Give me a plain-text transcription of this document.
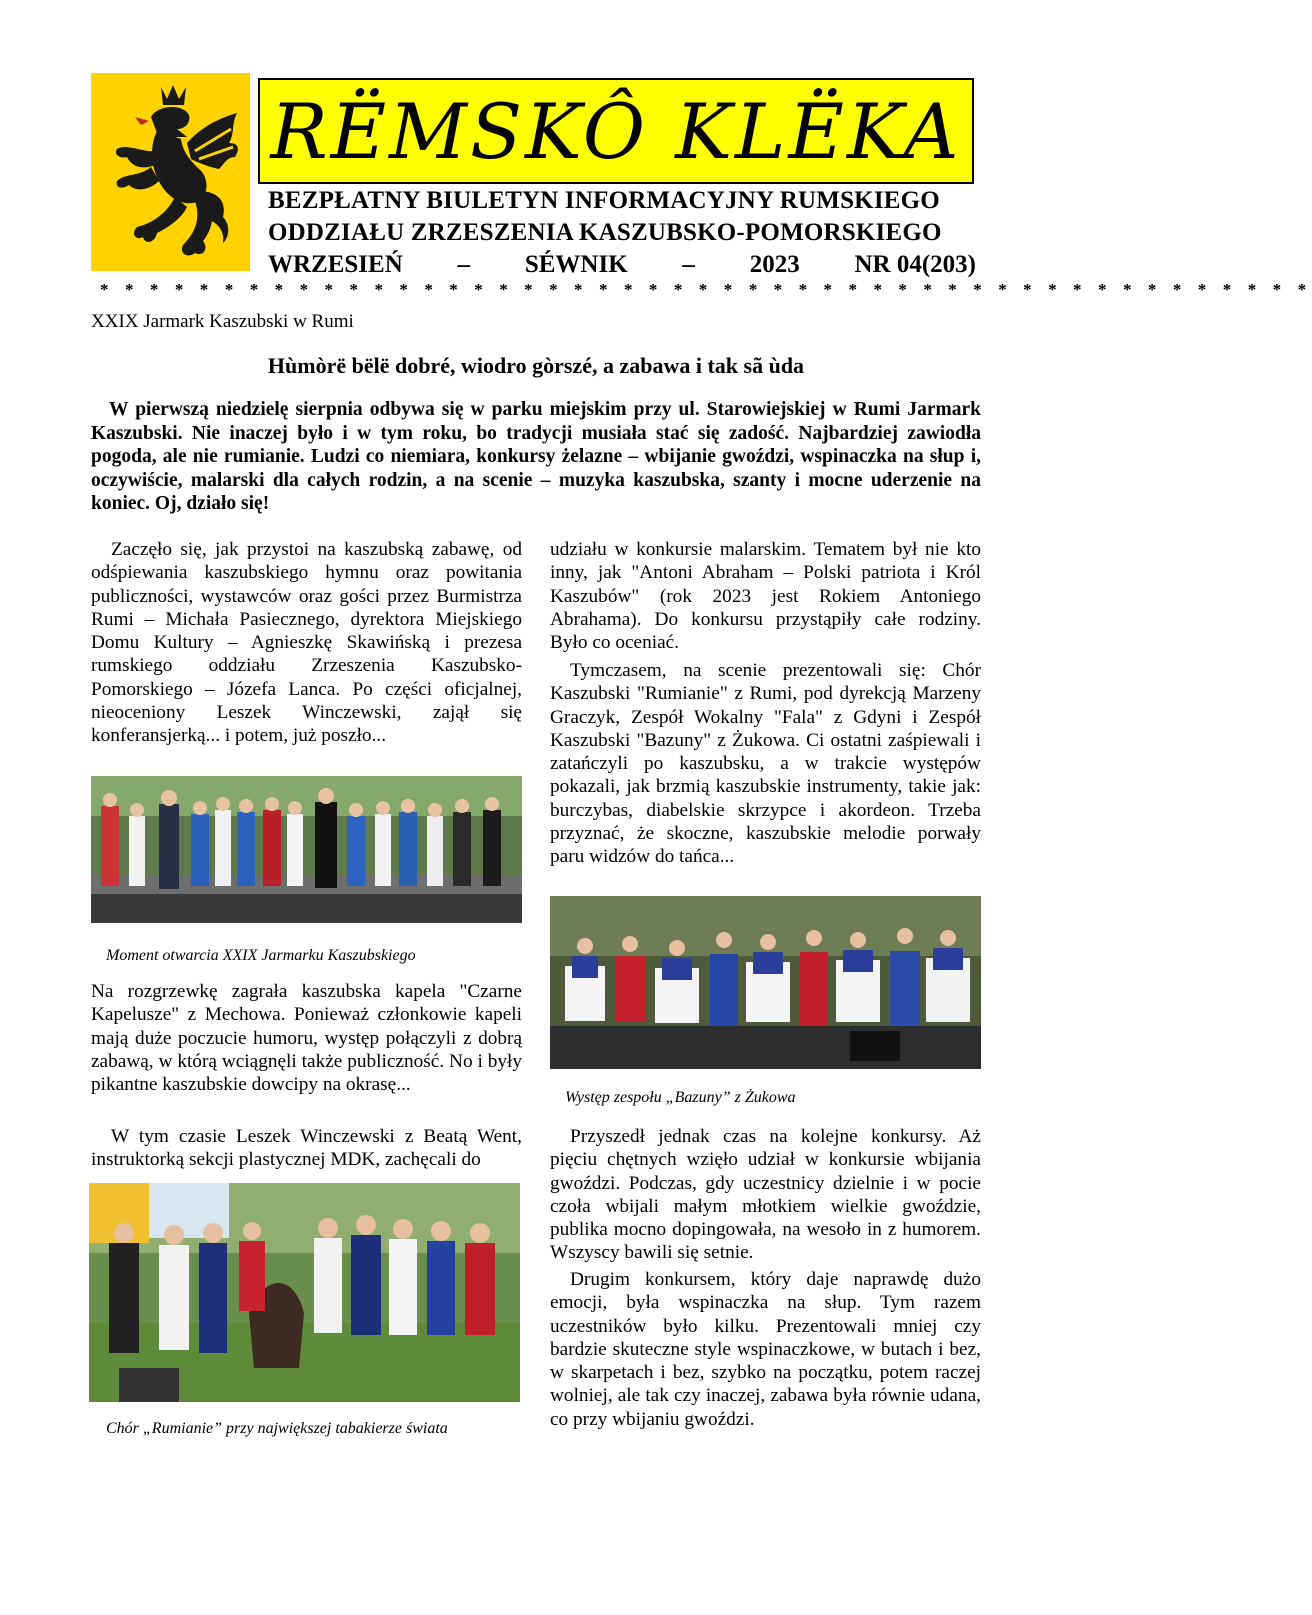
RËMSKÔ KLËKA
BEZPŁATNY BIULETYN INFORMACYJNY RUMSKIEGO
ODDZIAŁU ZRZESZENIA KASZUBSKO-POMORSKIEGO
WRZESIEŃ – SÉWNIK – 2023 NR 04(203)
* * * * * * * * * * * * * * * * * * * * * * * * * * * * * * * * * * * * * * * * * * * * * * * * *
XXIX Jarmark Kaszubski w Rumi
Hùmòrë bëlë dobré, wiodro gòrszé, a zabawa i tak sã ùda
W pierwszą niedzielę sierpnia odbywa się w parku miejskim przy ul. Starowiejskiej w Rumi Jarmark Kaszubski. Nie inaczej było i w tym roku, bo tradycji musiała stać się zadość. Najbardziej zawiodła pogoda, ale nie rumianie. Ludzi co niemiara, konkursy żelazne – wbijanie gwoździ, wspinaczka na słup i, oczywiście, malarski dla całych rodzin, a na scenie – muzyka kaszubska, szanty i mocne uderzenie na koniec. Oj, działo się!
Zaczęło się, jak przystoi na kaszubską zabawę, od odśpiewania kaszubskiego hymnu oraz powitania publiczności, wystawców oraz gości przez Burmistrza Rumi – Michała Pasiecznego, dyrektora Miejskiego Domu Kultury – Agnieszkę Skawińską i prezesa rumskiego oddziału Zrzeszenia Kaszubsko- Pomorskiego – Józefa Lanca. Po części oficjalnej, nieoceniony Leszek Winczewski, zajął się konferansjerką... i potem, już poszło...
Moment otwarcia XXIX Jarmarku Kaszubskiego
Na rozgrzewkę zagrała kaszubska kapela "Czarne Kapelusze" z Mechowa. Ponieważ członkowie kapeli mają duże poczucie humoru, występ połączyli z dobrą zabawą, w którą wciągnęli także publiczność. No i były pikantne kaszubskie dowcipy na okrasę...
W tym czasie Leszek Winczewski z Beatą Went, instruktorką sekcji plastycznej MDK, zachęcali do
Chór „Rumianie” przy największej tabakierze świata
udziału w konkursie malarskim. Tematem był nie kto inny, jak "Antoni Abraham – Polski patriota i Król Kaszubów" (rok 2023 jest Rokiem Antoniego Abrahama). Do konkursu przystąpiły całe rodziny. Było co oceniać.
Tymczasem, na scenie prezentowali się: Chór Kaszubski "Rumianie" z Rumi, pod dyrekcją Marzeny Graczyk, Zespół Wokalny "Fala" z Gdyni i Zespół Kaszubski "Bazuny" z Żukowa. Ci ostatni zaśpiewali i zatańczyli po kaszubsku, a w trakcie występów pokazali, jak brzmią kaszubskie instrumenty, takie jak: burczybas, diabelskie skrzypce i akordeon. Trzeba przyznać, że skoczne, kaszubskie melodie porwały paru widzów do tańca...
Występ zespołu „Bazuny” z Żukowa
Przyszedł jednak czas na kolejne konkursy. Aż pięciu chętnych wzięło udział w konkursie wbijania gwoździ. Podczas, gdy uczestnicy dzielnie i w pocie czoła wbijali małym młotkiem wielkie gwoździe, publika mocno dopingowała, na wesoło in z humorem. Wszyscy bawili się setnie.
Drugim konkursem, który daje naprawdę dużo emocji, była wspinaczka na słup. Tym razem uczestników było kilku. Prezentowali mniej czy bardzie skuteczne style wspinaczkowe, w butach i bez, w skarpetach i bez, szybko na początku, potem raczej wolniej, ale tak czy inaczej, zabawa była równie udana, co przy wbijaniu gwoździ.
